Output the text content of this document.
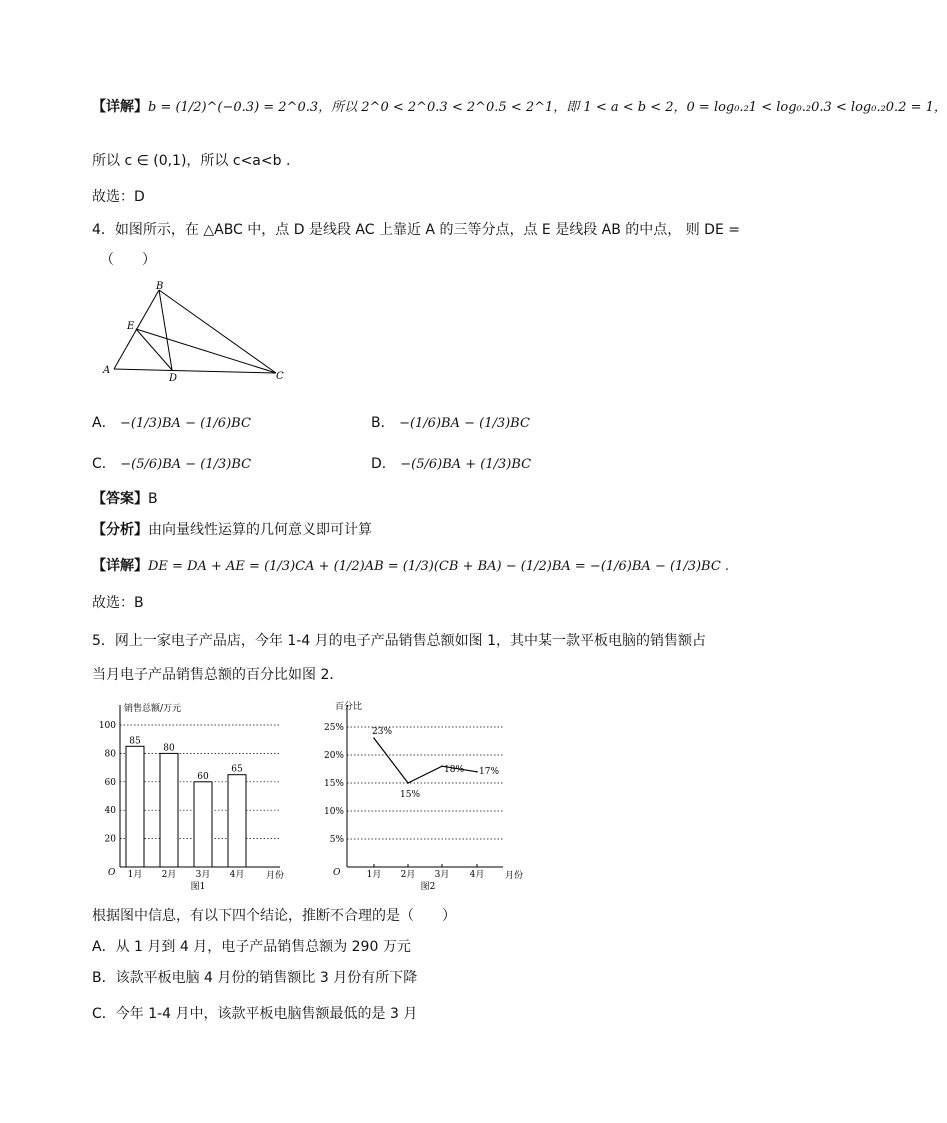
【详解】b = (1/2)^(−0.3) = 2^0.3，所以 2^0 < 2^0.3 < 2^0.5 < 2^1，即 1 < a < b < 2，0 = log₀.₂1 < log₀.₂0.3 < log₀.₂0.2 = 1，
所以 c ∈ (0,1)，所以 c<a<b .
故选：D
4．如图所示，在 △ABC 中，点 D 是线段 AC 上靠近 A 的三等分点，点 E 是线段 AB 的中点， 则 DE =
（　　）
B
E
A
D	C
A． −(1/3)BA − (1/6)BC	B． −(1/6)BA − (1/3)BC
C． −(5/6)BA − (1/3)BC	D． −(5/6)BA + (1/3)BC
【答案】B
【分析】由向量线性运算的几何意义即可计算
【详解】DE = DA + AE = (1/3)CA + (1/2)AB = (1/3)(CB + BA) − (1/2)BA = −(1/6)BA − (1/3)BC .
故选：B
5．网上一家电子产品店，今年 1-4 月的电子产品销售总额如图 1，其中某一款平板电脑的销售额占
当月电子产品销售总额的百分比如图 2．
20
40
60
80
100
85
80
60
65
1月 2月 3月 4月
销售总额/万元
O	月份
图1
5%
10%
15%
20%
25%	23%
15%
18% 17%
1月 2月 3月 4月
百分比
O	月份
图2
根据图中信息，有以下四个结论，推断不合理的是（　　）
A．从 1 月到 4 月，电子产品销售总额为 290 万元
B．该款平板电脑 4 月份的销售额比 3 月份有所下降
C．今年 1-4 月中，该款平板电脑售额最低的是 3 月
